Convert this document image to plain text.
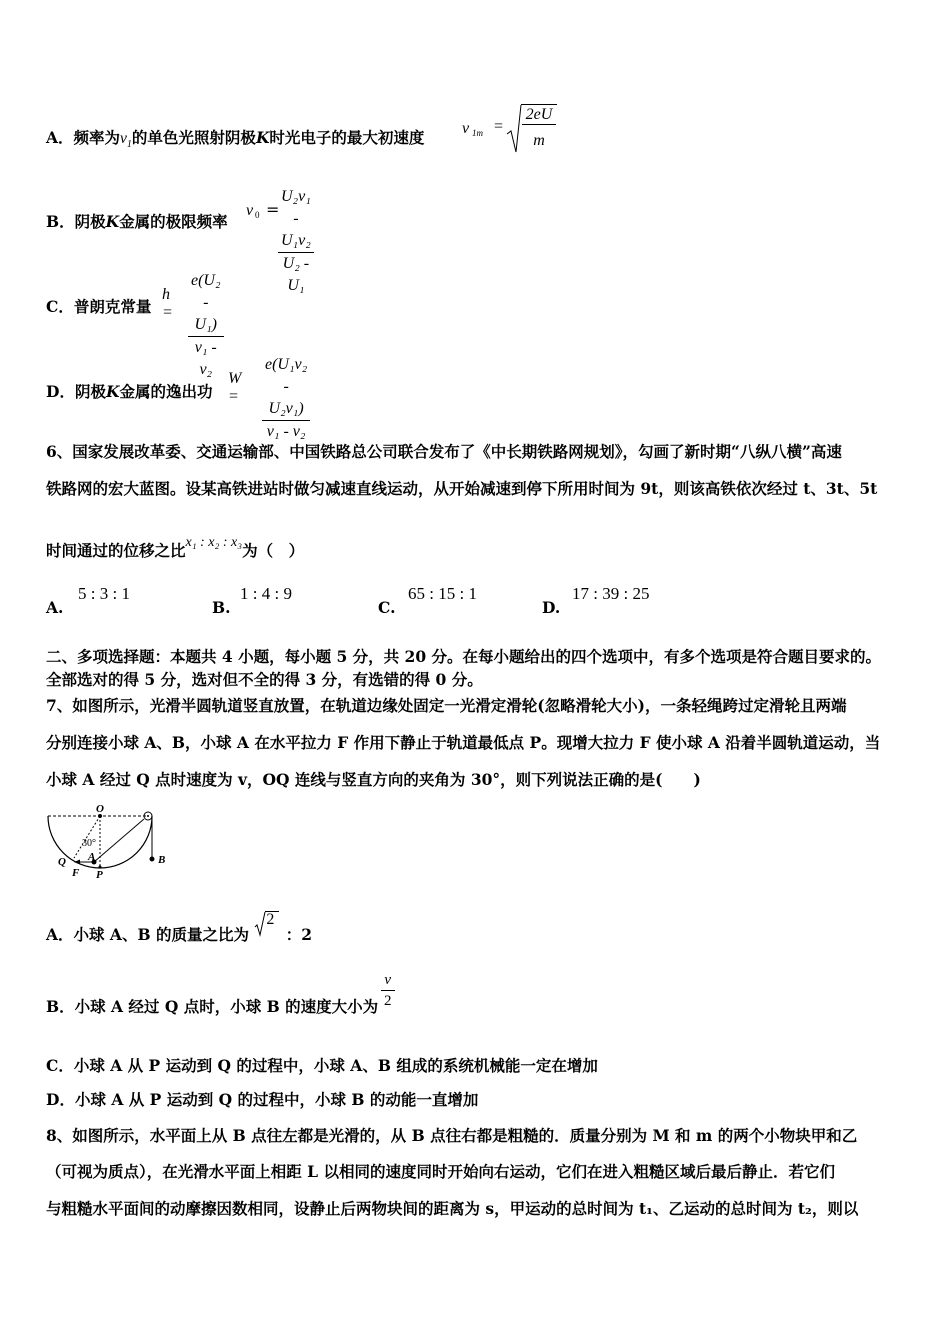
A．频率为$v_1$的单色光照射阴极K时光电子的最大初速度 v 1m =
2eU
m
B．阴极K金属的极限频率
v 0 =
$\frac{\text{U₂v₁ - U₁v₂}}{\text{U₂ - U₁}}$
C．普朗克常量
$h = \frac{\text{e(U₂ - U₁)}}{\text{v₁ - v₂}}$
D．阴极K金属的逸出功
$W = \frac{\text{e(U₁v₂ - U₂v₁)}}{\text{v₁ - v₂}}$
6、国家发展改革委、交通运输部、中国铁路总公司联合发布了《中长期铁路网规划》，勾画了新时期“八纵八横”高速
铁路网的宏大蓝图。设某高铁进站时做匀减速直线运动，从开始减速到停下所用时间为 9t，则该高铁依次经过 t、3t、5t
时间通过的位移之比x₁ : x₂ : x₃为（　）
A.
5 : 3 : 1
B.
1 : 4 : 9
C.
65 : 15 : 1
D.
17 : 39 : 25
二、多项选择题：本题共 4 小题，每小题 5 分，共 20 分。在每小题给出的四个选项中，有多个选项是符合题目要求的。
全部选对的得 5 分，选对但不全的得 3 分，有选错的得 0 分。
7、如图所示，光滑半圆轨道竖直放置，在轨道边缘处固定一光滑定滑轮(忽略滑轮大小)，一条轻绳跨过定滑轮且两端
分别连接小球 A、B，小球 A 在水平拉力 F 作用下静止于轨道最低点 P。现增大拉力 F 使小球 A 沿着半圆轨道运动，当
小球 A 经过 Q 点时速度为 v，OQ 连线与竖直方向的夹角为 30°，则下列说法正确的是(　　)
O
30°
Q A
F P
B
A．小球 A、B 的质量之比为
2
：2
B．小球 A 经过 Q 点时，小球 B 的速度大小为 $\frac{v}{2}$
C．小球 A 从 P 运动到 Q 的过程中，小球 A、B 组成的系统机械能一定在增加
D．小球 A 从 P 运动到 Q 的过程中，小球 B 的动能一直增加
8、如图所示，水平面上从 B 点往左都是光滑的，从 B 点往右都是粗糙的．质量分别为 M 和 m 的两个小物块甲和乙
（可视为质点），在光滑水平面上相距 L 以相同的速度同时开始向右运动，它们在进入粗糙区域后最后静止．若它们
与粗糙水平面间的动摩擦因数相同，设静止后两物块间的距离为 s，甲运动的总时间为 t₁、乙运动的总时间为 t₂，则以
